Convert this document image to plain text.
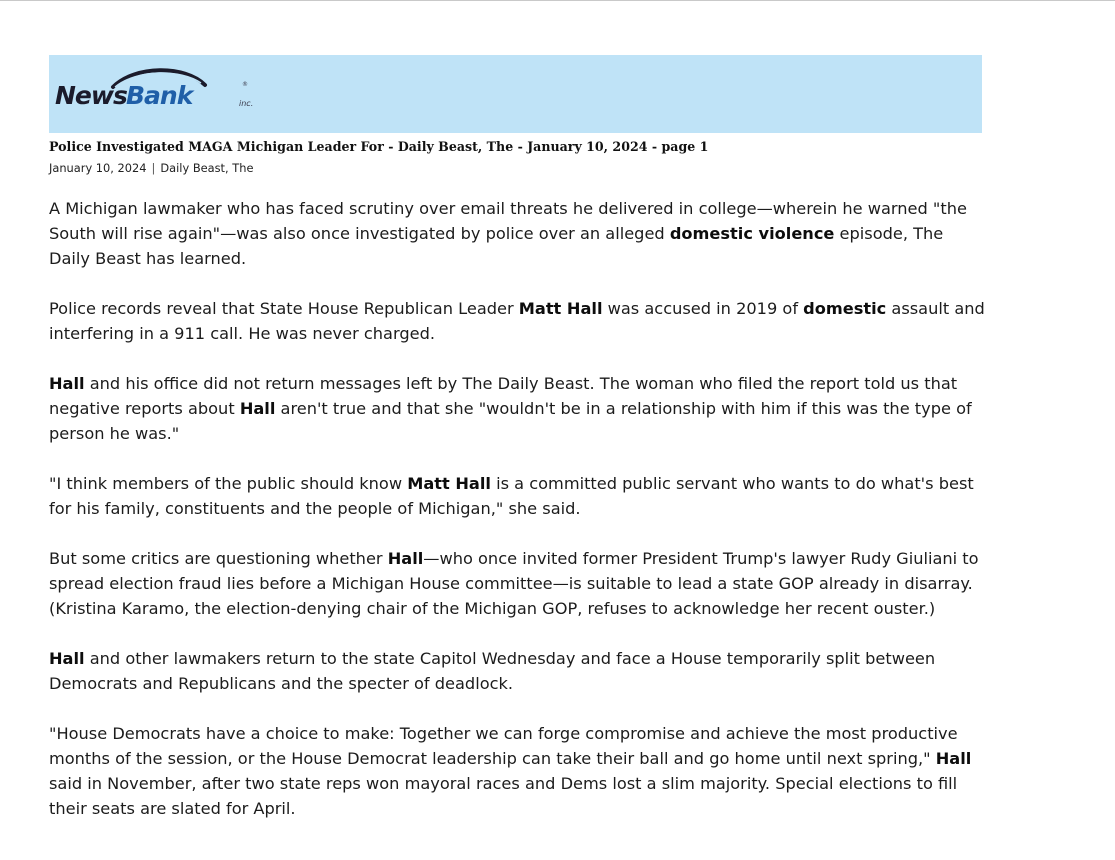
News Bank	inc.
®
Police Investigated MAGA Michigan Leader For - Daily Beast, The - January 10, 2024 - page 1
January 10, 2024 | Daily Beast, The

A Michigan lawmaker who has faced scrutiny over email threats he delivered in college—wherein he warned "the South will rise again"—was also once investigated by police over an alleged domestic violence episode, The Daily Beast has learned.

Police records reveal that State House Republican Leader Matt Hall was accused in 2019 of domestic assault and interfering in a 911 call. He was never charged.

Hall and his office did not return messages left by The Daily Beast. The woman who filed the report told us that negative reports about Hall aren't true and that she "wouldn't be in a relationship with him if this was the type of person he was."

"I think members of the public should know Matt Hall is a committed public servant who wants to do what's best for his family, constituents and the people of Michigan," she said.

But some critics are questioning whether Hall—who once invited former President Trump's lawyer Rudy Giuliani to spread election fraud lies before a Michigan House committee—is suitable to lead a state GOP already in disarray. (Kristina Karamo, the election-denying chair of the Michigan GOP, refuses to acknowledge her recent ouster.)

Hall and other lawmakers return to the state Capitol Wednesday and face a House temporarily split between Democrats and Republicans and the specter of deadlock.

"House Democrats have a choice to make: Together we can forge compromise and achieve the most productive months of the session, or the House Democrat leadership can take their ball and go home until next spring," Hall said in November, after two state reps won mayoral races and Dems lost a slim majority. Special elections to fill their seats are slated for April.
